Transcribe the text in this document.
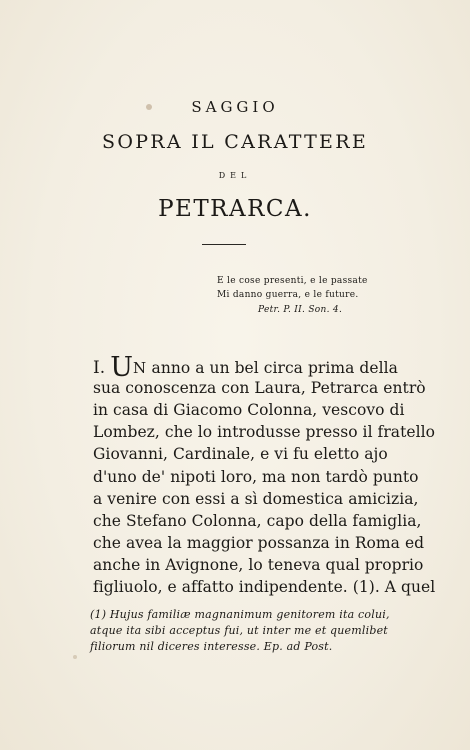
SAGGIO

SOPRA IL CARATTERE

DEL

PETRARCA.

E le cose presenti, e le passate

Mi danno guerra, e le future.

Petr. P. II. Son. 4.

I. UN anno a un bel circa prima della

sua conoscenza con Laura, Petrarca entrò

in casa di Giacomo Colonna, vescovo di

Lombez, che lo introdusse presso il fratello

Giovanni, Cardinale, e vi fu eletto ajo

d'uno de' nipoti loro, ma non tardò punto

a venire con essi a sì domestica amicizia,

che Stefano Colonna, capo della famiglia,

che avea la maggior possanza in Roma ed

anche in Avignone, lo teneva qual proprio

figliuolo, e affatto indipendente. (1). A quel

(1) Hujus familiæ magnanimum genitorem ita colui,

atque ita sibi acceptus fui, ut inter me et quemlibet

filiorum nil diceres interesse. Ep. ad Post.
